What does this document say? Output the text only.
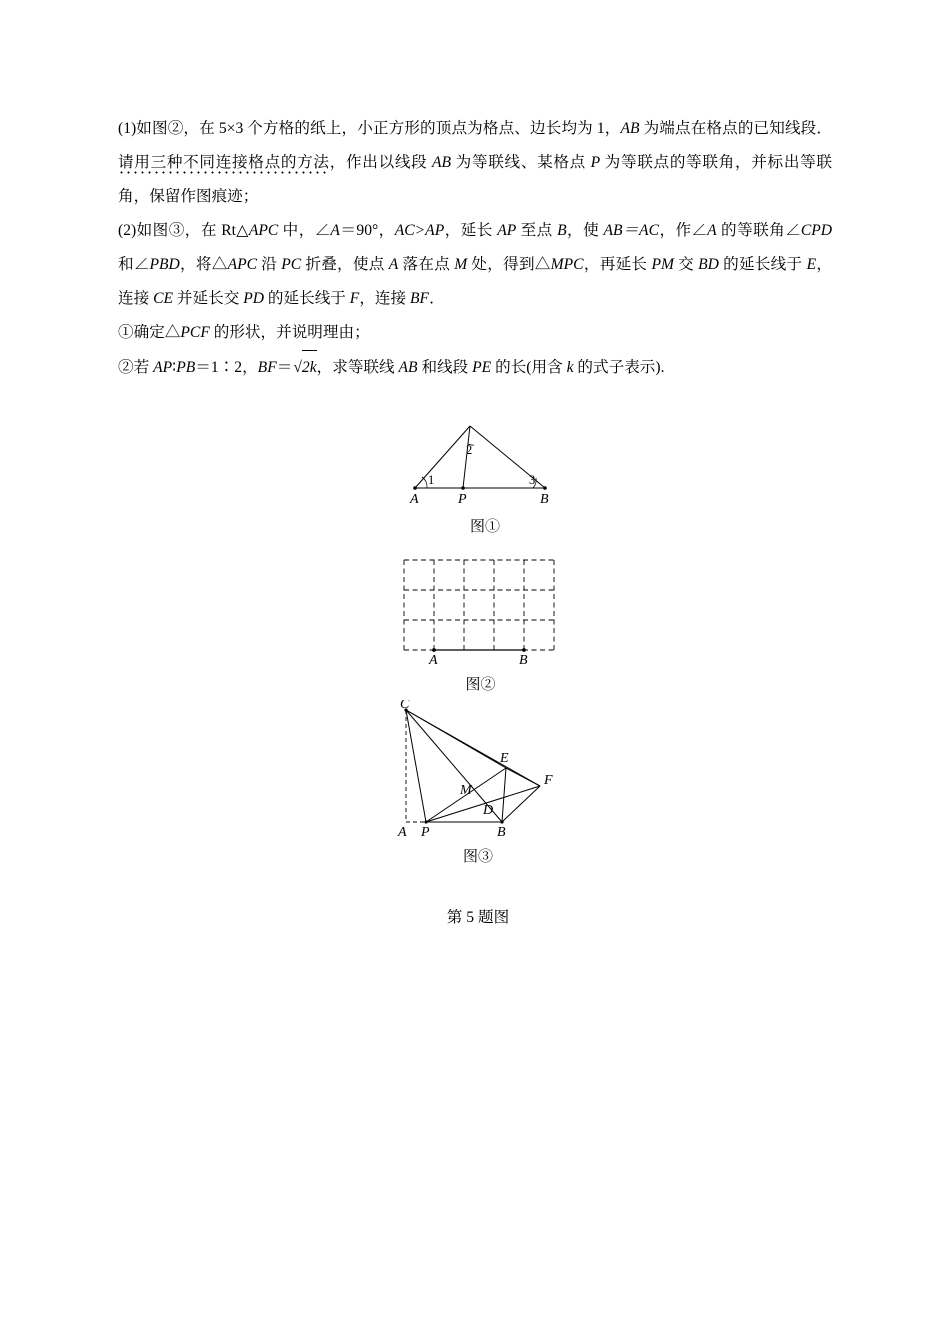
(1)如图②，在 5×3 个方格的纸上，小正方形的顶点为格点、边长均为 1，AB 为端点在格点的已知线段．请用三种不同连接格点的方法，作出以线段 AB 为等联线、某格点 P 为等联点的等联角，并标出等联角，保留作图痕迹；

(2)如图③，在 Rt△APC 中，∠A＝90°，AC>AP，延长 AP 至点 B，使 AB＝AC，作∠A 的等联角∠CPD 和∠PBD，将△APC 沿 PC 折叠，使点 A 落在点 M 处，得到△MPC，再延长 PM 交 BD 的延长线于 E，连接 CE 并延长交 PD 的延长线于 F，连接 BF．

①确定△PCF 的形状，并说明理由；

②若 AP∶PB＝1∶2，BF＝√2k，求等联线 AB 和线段 PE 的长(用含 k 的式子表示).

1
2
3
A	P	B
图①
A	B
图②
C
E
F
M
D
A P	B
图③
第 5 题图
